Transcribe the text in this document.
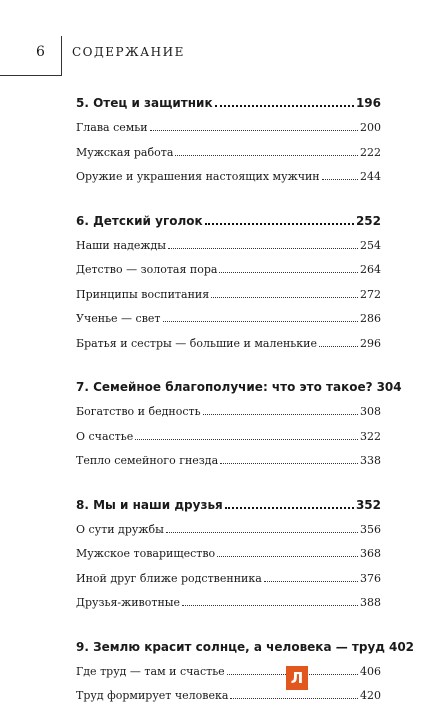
6 СОДЕРЖАНИЕ
5. Отец и защитник	196
Глава семьи	200
Мужская работа	222
Оружие и украшения настоящих мужчин	244
6. Детский уголок	252
Наши надежды	254
Детство — золотая пора	264
Принципы воспитания	272
Ученье — свет	286
Братья и сестры — большие и маленькие	296
7. Семейное благополучие: что это такое? 304
Богатство и бедность	308
О счастье	322
Тепло семейного гнезда	338
8. Мы и наши друзья	352
О сути дружбы	356
Мужское товарищество	368
Иной друг ближе родственника	376
Друзья-животные	388
9. Землю красит солнце, а человека — труд 402
Где труд — там и счастье	406
Труд формирует человека	420
Л
